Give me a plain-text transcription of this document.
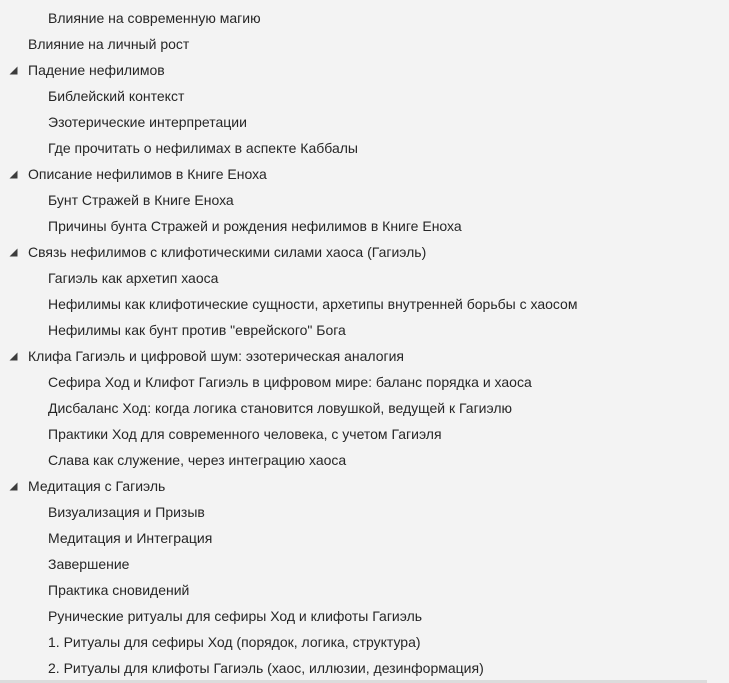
Влияние на современную магию
Влияние на личный рост
Падение нефилимов
Библейский контекст
Эзотерические интерпретации
Где прочитать о нефилимах в аспекте Каббалы
Описание нефилимов в Книге Еноха
Бунт Стражей в Книге Еноха
Причины бунта Стражей и рождения нефилимов в Книге Еноха
Связь нефилимов с клифотическими силами хаоса (Гагиэль)
Гагиэль как архетип хаоса
Нефилимы как клифотические сущности, архетипы внутренней борьбы с хаосом
Нефилимы как бунт против "еврейского" Бога
Клифа Гагиэль и цифровой шум: эзотерическая аналогия
Сефира Ход и Клифот Гагиэль в цифровом мире: баланс порядка и хаоса
Дисбаланс Ход: когда логика становится ловушкой, ведущей к Гагиэлю
Практики Ход для современного человека, с учетом Гагиэля
Слава как служение, через интеграцию хаоса
Медитация с Гагиэль
Визуализация и Призыв
Медитация и Интеграция
Завершение
Практика сновидений
Рунические ритуалы для сефиры Ход и клифоты Гагиэль
1. Ритуалы для сефиры Ход (порядок, логика, структура)
2. Ритуалы для клифоты Гагиэль (хаос, иллюзии, дезинформация)
